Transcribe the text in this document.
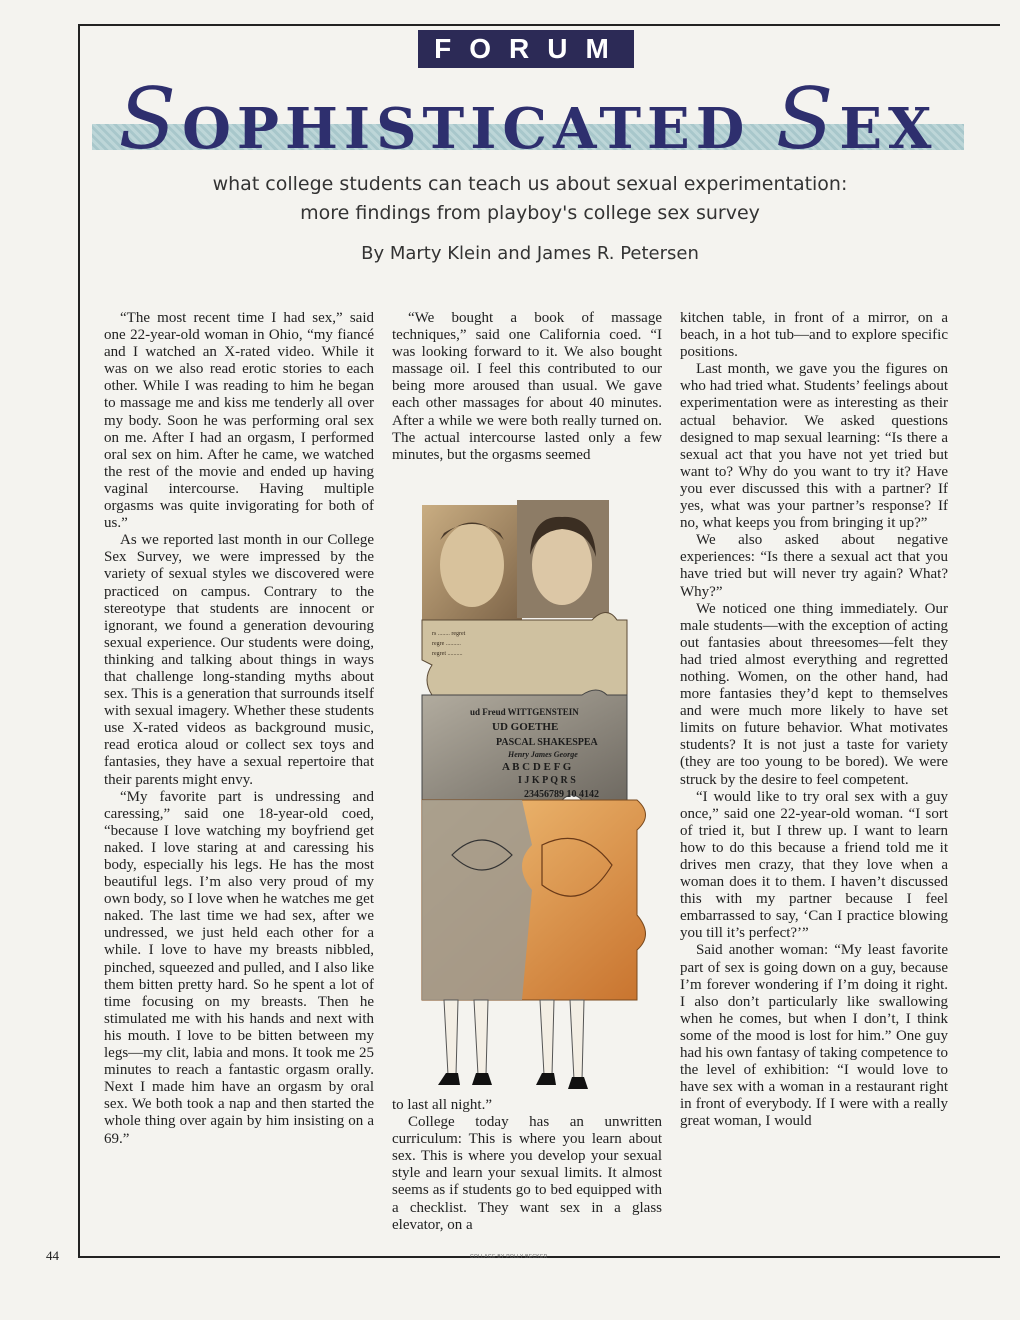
FORUM
SOPHISTICATED SEX
what college students can teach us about sexual experimentation:
more findings from playboy's college sex survey
By Marty Klein and James R. Petersen

“The most recent time I had sex,” said one 22-year-old woman in Ohio, “my fiancé and I watched an X-rated video. While it was on we also read erotic stories to each other. While I was reading to him he began to massage me and kiss me tenderly all over my body. Soon he was performing oral sex on me. After I had an orgasm, I performed oral sex on him. After he came, we watched the rest of the movie and ended up having vaginal intercourse. Having multiple orgasms was quite invigorating for both of us.”

As we reported last month in our College Sex Survey, we were impressed by the variety of sexual styles we discovered were practiced on campus. Contrary to the stereotype that students are innocent or ignorant, we found a generation devouring sexual experience. Our students were doing, thinking and talking about things in ways that challenge long-standing myths about sex. This is a generation that surrounds itself with sexual imagery. Whether these students use X-rated videos as background music, read erotica aloud or collect sex toys and fantasies, they have a sexual repertoire that their parents might envy.

“My favorite part is undressing and caressing,” said one 18-year-old coed, “because I love watching my boyfriend get naked. I love staring at and caressing his body, especially his legs. He has the most beautiful legs. I’m also very proud of my own body, so I love when he watches me get naked. The last time we had sex, after we undressed, we just held each other for a while. I love to have my breasts nibbled, pinched, squeezed and pulled, and I also like them bitten pretty hard. So he spent a lot of time focusing on my breasts. Then he stimulated me with his hands and next with his mouth. I love to be bitten between my legs—my clit, labia and mons. It took me 25 minutes to reach a fantastic orgasm orally. Next I made him have an orgasm by oral sex. We both took a nap and then started the whole thing over again by him insisting on a 69.”

“We bought a book of massage techniques,” said one California coed. “I was looking forward to it. We also bought massage oil. I feel this contributed to our being more aroused than usual. We gave each other massages for about 40 minutes. After a while we were both really turned on. The actual intercourse lasted only a few minutes, but the orgasms seemed

rs ........ regret
regre ..........
regret ..........
ud Freud WITTGENSTEIN
UD GOETHE
PASCAL SHAKESPEA
Henry James George
A B C D E F G
I J K P Q R S
23456789 10 4142

to last all night.”

College today has an unwritten curriculum: This is where you learn about sex. This is where you develop your sexual style and learn your sexual limits. It almost seems as if students go to bed equipped with a checklist. They want sex in a glass elevator, on a

kitchen table, in front of a mirror, on a beach, in a hot tub—and to explore specific positions.

Last month, we gave you the figures on who had tried what. Students’ feelings about experimentation were as interesting as their actual behavior. We asked questions designed to map sexual learning: “Is there a sexual act that you have not yet tried but want to? Why do you want to try it? Have you ever discussed this with a partner? If yes, what was your partner’s response? If no, what keeps you from bringing it up?”

We also asked about negative experiences: “Is there a sexual act that you have tried but will never try again? What? Why?”

We noticed one thing immediately. Our male students—with the exception of acting out fantasies about threesomes—felt they had tried almost everything and regretted nothing. Women, on the other hand, had more fantasies they’d kept to themselves and were much more likely to have set limits on future behavior. What motivates students? It is not just a taste for variety (they are too young to be bored). We were struck by the desire to feel competent.

“I would like to try oral sex with a guy once,” said one 22-year-old woman. “I sort of tried it, but I threw up. I want to learn how to do this because a friend told me it drives men crazy, that they love when a woman does it to them. I haven’t discussed this with my partner because I feel embarrassed to say, ‘Can I practice blowing you till it’s perfect?’”

Said another woman: “My least favorite part of sex is going down on a guy, because I’m forever wondering if I’m doing it right. I also don’t particularly like swallowing when he comes, but when I don’t, I think some of the mood is lost for him.” One guy had his own fantasy of taking competence to the level of exhibition: “I would love to have sex with a woman in a restaurant right in front of everybody. If I were with a really great woman, I would

COLLAGE BY POLLY BECKER
44
